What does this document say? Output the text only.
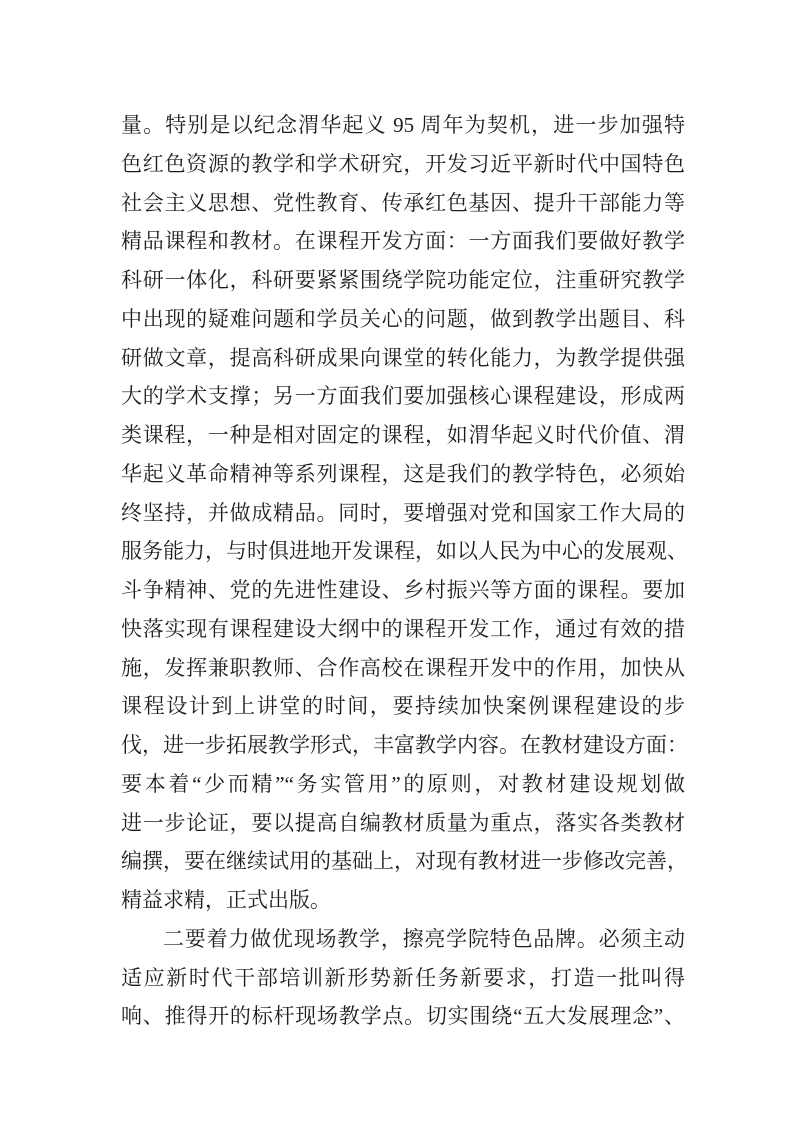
量。特别是以纪念渭华起义 95 周年为契机，进一步加强特
色红色资源的教学和学术研究，开发习近平新时代中国特色
社会主义思想、党性教育、传承红色基因、提升干部能力等
精品课程和教材。在课程开发方面：一方面我们要做好教学
科研一体化，科研要紧紧围绕学院功能定位，注重研究教学
中出现的疑难问题和学员关心的问题，做到教学出题目、科
研做文章，提高科研成果向课堂的转化能力，为教学提供强
大的学术支撑；另一方面我们要加强核心课程建设，形成两
类课程，一种是相对固定的课程，如渭华起义时代价值、渭
华起义革命精神等系列课程，这是我们的教学特色，必须始
终坚持，并做成精品。同时，要增强对党和国家工作大局的
服务能力，与时俱进地开发课程，如以人民为中心的发展观、
斗争精神、党的先进性建设、乡村振兴等方面的课程。要加
快落实现有课程建设大纲中的课程开发工作，通过有效的措
施，发挥兼职教师、合作高校在课程开发中的作用，加快从
课程设计到上讲堂的时间，要持续加快案例课程建设的步
伐，进一步拓展教学形式，丰富教学内容。在教材建设方面：
要本着“少而精”“务实管用”的原则，对教材建设规划做
进一步论证，要以提高自编教材质量为重点，落实各类教材
编撰，要在继续试用的基础上，对现有教材进一步修改完善，
精益求精，正式出版。
二要着力做优现场教学，擦亮学院特色品牌。必须主动
适应新时代干部培训新形势新任务新要求，打造一批叫得
响、推得开的标杆现场教学点。切实围绕“五大发展理念”、
